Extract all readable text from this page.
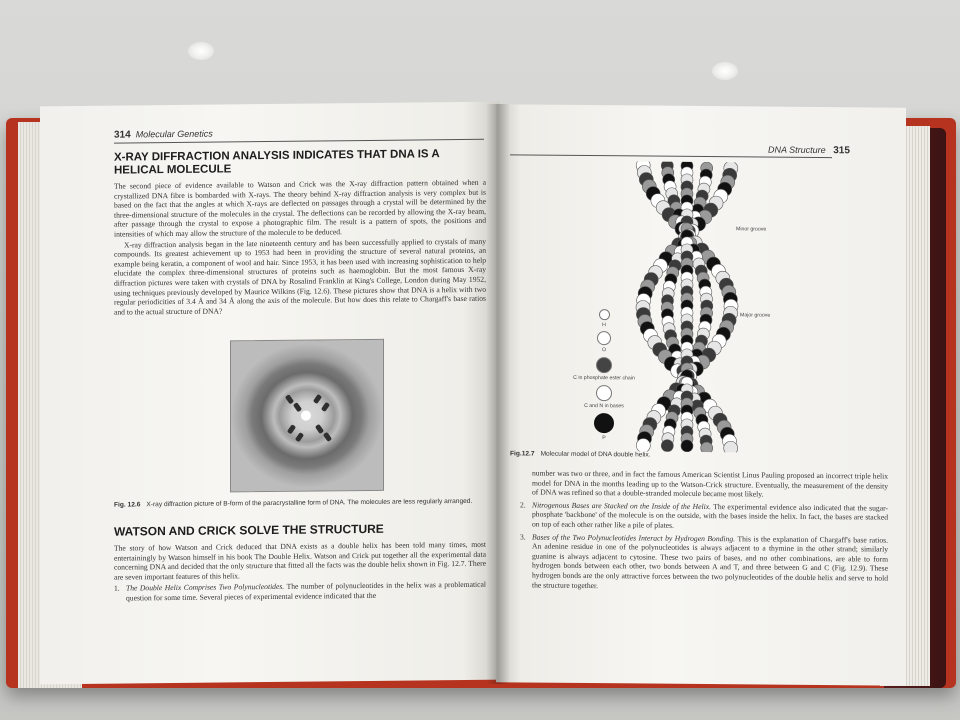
314 Molecular Genetics
X-RAY DIFFRACTION ANALYSIS INDICATES THAT DNA IS A HELICAL MOLECULE

The second piece of evidence available to Watson and Crick was the X-ray diffraction pattern obtained when a crystallized DNA fibre is bombarded with X-rays. The theory behind X-ray diffraction analysis is very complex but is based on the fact that the angles at which X-rays are deflected on passages through a crystal will be determined by the three-dimensional structure of the molecules in the crystal. The deflections can be recorded by allowing the X-ray beam, after passage through the crystal to expose a photographic film. The result is a pattern of spots, the positions and intensities of which may allow the structure of the molecule to be deduced.

X-ray diffraction analysis began in the late nineteenth century and has been successfully applied to crystals of many compounds. Its greatest achievement up to 1953 had been in providing the structure of several natural proteins, an example being keratin, a component of wool and hair. Since 1953, it has been used with increasing sophistication to help elucidate the complex three-dimensional structures of proteins such as haemoglobin. But the most famous X-ray diffraction pictures were taken with crystals of DNA by Rosalind Franklin at King's College, London during May 1952, using techniques previously developed by Maurice Wilkins (Fig. 12.6). These pictures show that DNA is a helix with two regular periodicities of 3.4 Å and 34 Å along the axis of the molecule. But how does this relate to Chargaff's base ratios and to the actual structure of DNA?

Fig. 12.6 X-ray diffraction picture of B-form of the paracrystalline form of DNA. The molecules are less regularly arranged.
WATSON AND CRICK SOLVE THE STRUCTURE

The story of how Watson and Crick deduced that DNA exists as a double helix has been told many times, most entertainingly by Watson himself in his book The Double Helix. Watson and Crick put together all the experimental data concerning DNA and decided that the only structure that fitted all the facts was the double helix shown in Fig. 12.7. There are seven important features of this helix.

1. The Double Helix Comprises Two Polynucleotides. The number of polynucleotides in the helix was a problematical question for some time. Several pieces of experimental evidence indicated that the
DNA Structure 315
Minor groove
Major groove
H
O
C in phosphate ester chain
C and N in bases
P
Fig.12.7 Molecular model of DNA double helix.

number was two or three, and in fact the famous American Scientist Linus Pauling proposed an incorrect triple helix model for DNA in the months leading up to the Watson-Crick structure. Eventually, the measurement of the density of DNA was refined so that a double-stranded molecule became most likely.

2. Nitrogenous Bases are Stacked on the Inside of the Helix. The experimental evidence also indicated that the sugar-phosphate 'backbone' of the molecule is on the outside, with the bases inside the helix. In fact, the bases are stacked on top of each other rather like a pile of plates.
3. Bases of the Two Polynucleotides Interact by Hydrogen Bonding. This is the explanation of Chargaff's base ratios. An adenine residue in one of the polynucleotides is always adjacent to a thymine in the other strand; similarly guanine is always adjacent to cytosine. These two pairs of bases, and no other combinations, are able to form hydrogen bonds between each other, two bonds between A and T, and three between G and C (Fig. 12.9). These hydrogen bonds are the only attractive forces between the two polynucleotides of the double helix and serve to hold the structure together.
